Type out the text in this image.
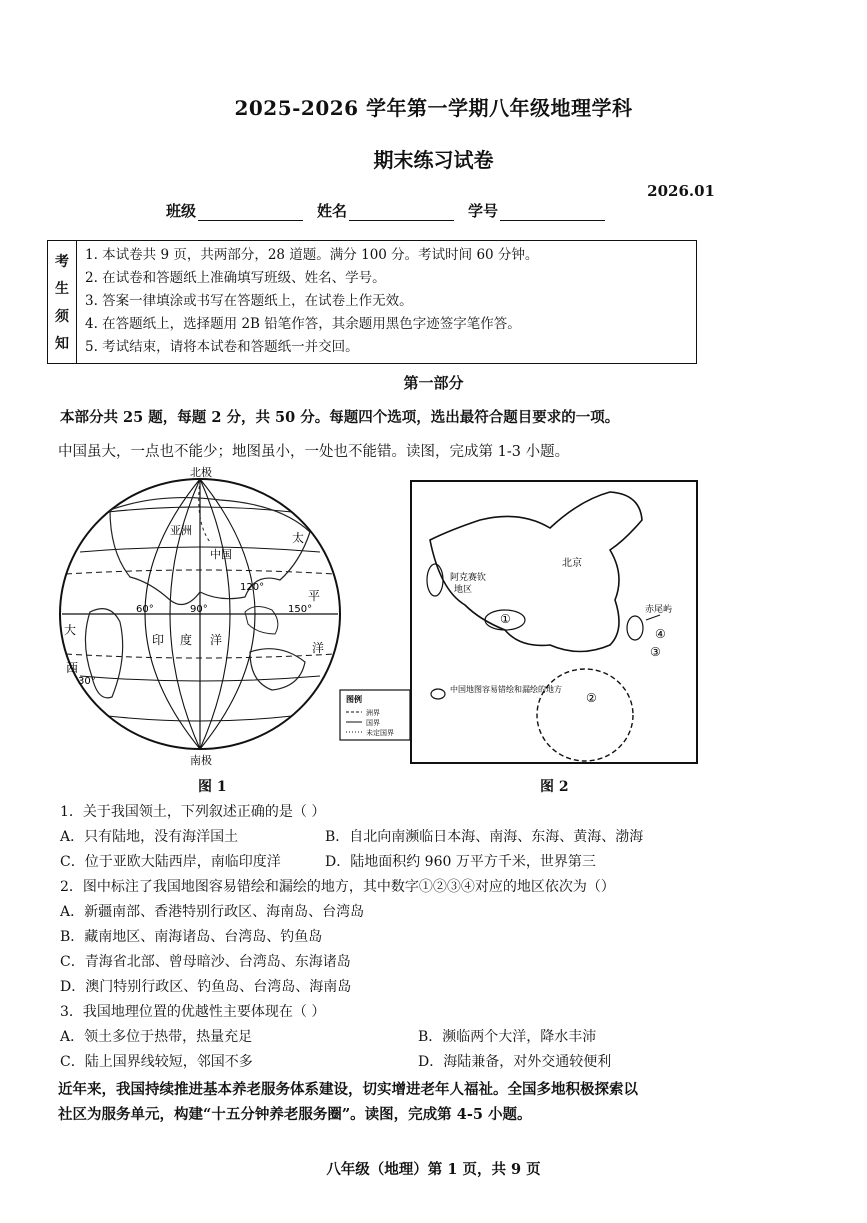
2025-2026 学年第一学期八年级地理学科
期末练习试卷
2026.01
班级	姓名	学号
考
生
须
知
1. 本试卷共 9 页，共两部分，28 道题。满分 100 分。考试时间 60 分钟。
2. 在试卷和答题纸上准确填写班级、姓名、学号。
3. 答案一律填涂或书写在答题纸上，在试卷上作无效。
4. 在答题纸上，选择题用 2B 铅笔作答，其余题用黑色字迹签字笔作答。
5. 考试结束，请将本试卷和答题纸一并交回。
第一部分
本部分共 25 题，每题 2 分，共 50 分。每题四个选项，选出最符合题目要求的一项。
中国虽大，一点也不能少；地图虽小，一处也不能错。读图，完成第 1-3 小题。
北极
南极
亚洲
中国
太
平
洋
印 度 洋
大
西
60°	90°
120°
150°
30°
图例
洲界
国界
未定国界
北京
阿克赛钦
地区
赤尾屿
①
②
③
④
中国地图容易错绘和漏绘的地方
图 1	图 2
1．关于我国领土，下列叙述正确的是（ ）
A．只有陆地，没有海洋国土	B．自北向南濒临日本海、南海、东海、黄海、渤海
C．位于亚欧大陆西岸，南临印度洋	D．陆地面积约 960 万平方千米，世界第三
2．图中标注了我国地图容易错绘和漏绘的地方，其中数字①②③④对应的地区依次为（）
A．新疆南部、香港特别行政区、海南岛、台湾岛
B．藏南地区、南海诸岛、台湾岛、钓鱼岛
C．青海省北部、曾母暗沙、台湾岛、东海诸岛
D．澳门特别行政区、钓鱼岛、台湾岛、海南岛
3．我国地理位置的优越性主要体现在（ ）
A．领土多位于热带，热量充足	B．濒临两个大洋，降水丰沛
C．陆上国界线较短，邻国不多	D．海陆兼备，对外交通较便利
近年来，我国持续推进基本养老服务体系建设，切实增进老年人福祉。全国多地积极探索以
社区为服务单元，构建“十五分钟养老服务圈”。读图，完成第 4-5 小题。
八年级（地理）第 1 页，共 9 页
